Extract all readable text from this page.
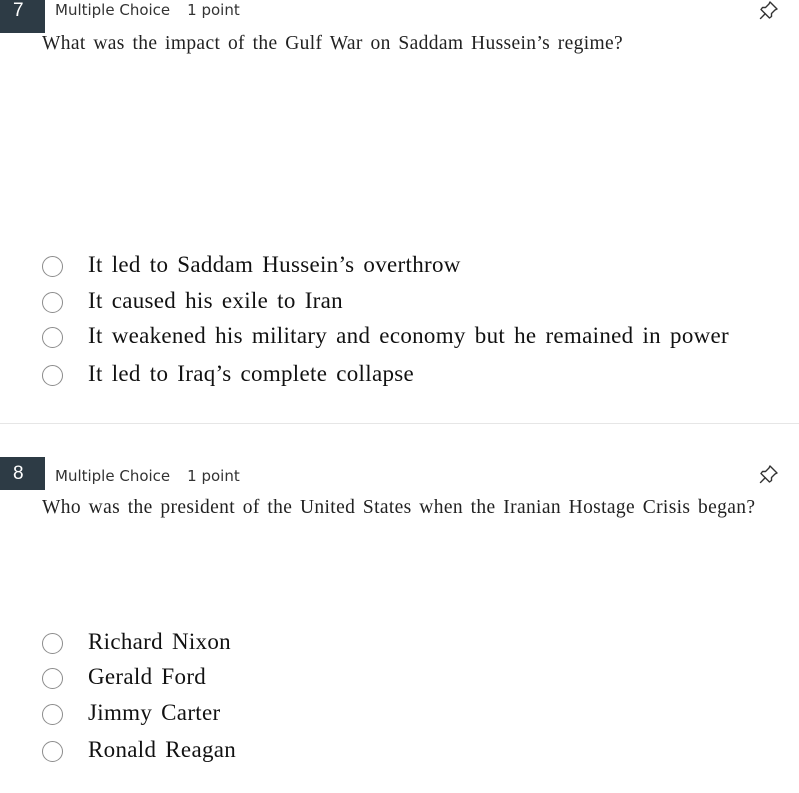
7	Multiple Choice 1 point
What was the impact of the Gulf War on Saddam Hussein’s regime?
It led to Saddam Hussein’s overthrow
It caused his exile to Iran
It weakened his military and economy but he remained in power
It led to Iraq’s complete collapse
8	Multiple Choice 1 point
Who was the president of the United States when the Iranian Hostage Crisis began?
Richard Nixon
Gerald Ford
Jimmy Carter
Ronald Reagan
